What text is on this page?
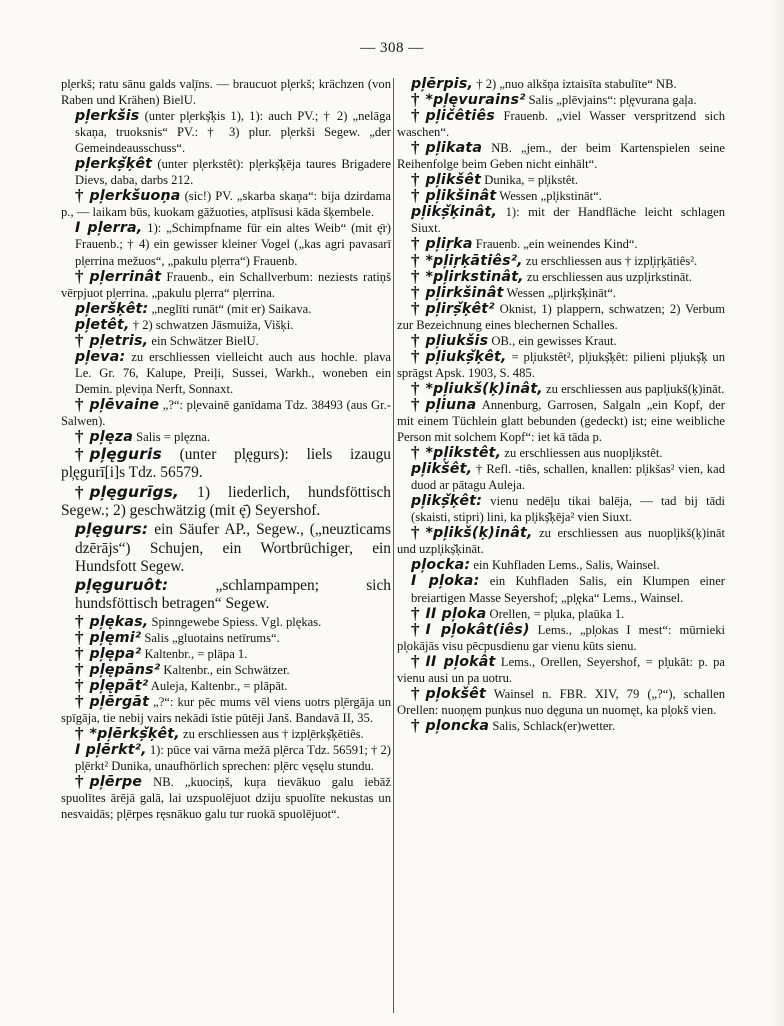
— 308 —

pl̦erkš; ratu sānu galds val̦īns. — braucuot pl̦erkš; krächzen (von Raben und Krähen) BielU.

pl̦erkšis (unter pl̦erkș̌ķis 1), 1): auch PV.; † 2) „nelāga skaņa, truoksnis“ PV.: † 3) plur. pl̦erkši Segew. „der Gemeindeausschuss“.

pl̦erkș̌ķêt (unter pl̦erkstêt): pl̦erkș̌ķēja taures Brigadere Dievs, daba, darbs 212.

† pl̦erkšuoņa (sic!) PV. „skarba skaņa“: bija dzirdama p., — laikam būs, kuokam gāžuoties, atplīsusi kāda šķembele.

I pl̦erra, 1): „Schimpfname für ein altes Weib“ (mit ę̄r) Frauenb.; † 4) ein gewisser kleiner Vogel („kas agri pavasarī pl̦errina mežuos“, „pakulu pl̦erra“) Frauenb.

† pl̦errinât Frauenb., ein Schallverbum: neziests ratiņš vērpjuot pl̦errina. „pakulu pl̦erra“ pl̦errina.

pl̦eršķêt: „neglīti runāt“ (mit er) Saikava.

pl̦etêt, † 2) schwatzen Jāsmuiža, Višķi.

† pl̦etris, ein Schwätzer BielU.

pl̦eva: zu erschliessen vielleicht auch aus hochle. plava Le. Gr. 76, Kalupe, Preiļi, Sussei, Warkh., woneben ein Demin. pl̦eviņa Nerft, Sonnaxt.

† pl̦ēvaine „?“: pl̦evainē ganīdama Tdz. 38493 (aus Gr.-Salwen).

† pl̦ęza Salis = plęzna.

† pl̦ęguris (unter pl̦ęgurs): liels izaugu pl̦ęgurī[i]s Tdz. 56579.

† pl̦ęgurīgs, 1) liederlich, hundsföttisch Segew.; 2) geschwätzig (mit ę̄) Seyershof.

pl̦ęgurs: ein Säufer AP., Segew., („neuzticams dzērājs“) Schujen, ein Wortbrüchiger, ein Hundsfott Segew.

pl̦ęguruôt: „schlampampen; sich hundsföttisch betragen“ Segew.

† pl̦ękas, Spinngewebe Spiess. Vgl. plękas.

† pl̦ęmi² Salis „gluotains netīrums“.

† pl̦ępa² Kaltenbr., = plāpa 1.

† pl̦ępāns² Kaltenbr., ein Schwätzer.

† pl̦ępāt² Auleja, Kaltenbr., = plāpāt.

† pl̦ērgāt „?“: kur pēc mums vēl viens uotrs pl̦ērgāja un spīgāja, tie nebij vairs nekādi īstie pūtēji Janš. Bandavā II, 35.

† *pl̦ērkș̌ķêt, zu erschliessen aus † izpl̦ērkș̌ķētiês.

I pl̦ērkt², 1): pūce vai vārna mežā pl̦ērca Tdz. 56591; † 2) pl̦ērkt² Dunika, unaufhörlich sprechen: pl̦ērc vęsęlu stundu.

† pl̦ērpe NB. „kuociņš, kuŗa tievākuo galu iebāž spuolītes ārējā galā, lai uzspuolējuot dziju spuolīte nekustas un nesvaidās; pl̦ērpes ręsnākuo galu tur ruokā spuolējuot“.

pl̦ērpis, † 2) „nuo alkšņa iztaisīta stabulīte“ NB.

† *pl̦ęvurains² Salis „plēvjains“: pl̦ęvurana gaļa.

† pl̦ičêtiês Frauenb. „viel Wasser verspritzend sich waschen“.

† pl̦ikata NB. „jem., der beim Kartenspielen seine Reihenfolge beim Geben nicht einhält“.

† pl̦ikšêt Dunika, = pl̦ikstêt.

† pl̦ikšinât Wessen „pl̦ikstināt“.

pl̦ikș̌ķinât, 1): mit der Handfläche leicht schlagen Siuxt.

† pl̦iŗka Frauenb. „ein weinendes Kind“.

† *pl̦iŗķātiês², zu erschliessen aus † izpl̦iŗķātiês².

† *pl̦irkstinât, zu erschliessen aus uzpl̦irkstināt.

† pl̦irkšinât Wessen „pl̦irkș̌ķināt“.

† pl̦irș̌ķêt² Oknist, 1) plappern, schwatzen; 2) Verbum zur Bezeichnung eines blechernen Schalles.

† pl̦iukšis OB., ein gewisses Kraut.

† pl̦iukș̌ķêt, = pl̦iukstêt², pl̦iukș̌ķêt: pilieni pl̦iukș̌ķ un sprāgst Apsk. 1903, S. 485.

† *pl̦iukš(ķ)inât, zu erschliessen aus papl̦iukš(ķ)ināt.

† pl̦iuna Annenburg, Garrosen, Salgaln „ein Kopf, der mit einem Tüchlein glatt bebunden (gedeckt) ist; eine weibliche Person mit solchem Kopf“: iet kā tāda p.

† *pl̦ikstêt, zu erschliessen aus nuopl̦ikstêt.

pl̦ikšêt, † Refl. -tiês, schallen, knallen: pl̦ikšas² vien, kad duod ar pātagu Auleja.

pl̦ikș̌ķêt: vienu nedēļu tikai balēja, — tad bij tādi (skaisti, stipri) lini, ka pl̦ikș̌ķēja² vien Siuxt.

† *pl̦ikš(ķ)inât, zu erschliessen aus nuopl̦ikš(ķ)ināt und uzpl̦ikș̌ķināt.

pl̦ocka: ein Kuhfladen Lems., Salis, Wainsel.

I pl̦oka: ein Kuhfladen Salis, ein Klumpen einer breiartigen Masse Seyershof; „pl̦ęka“ Lems., Wainsel.

† II pl̦oka Orellen, = pl̦uka, plaūka 1.

† I pl̦okât(iês) Lems., „pl̦okas I mest“: mūrnieki pl̦okājās visu pēcpusdienu gar vienu kūts sienu.

† II pl̦okât Lems., Orellen, Seyershof, = pl̦ukāt: p. pa vienu ausi un pa uotru.

† pl̦okšêt Wainsel n. FBR. XIV, 79 („?“), schallen Orellen: nuoņęm pun̦kus nuo dęguna un nuomęt, ka pl̦okš vien.

† pl̦oncka Salis, Schlack(er)wetter.
